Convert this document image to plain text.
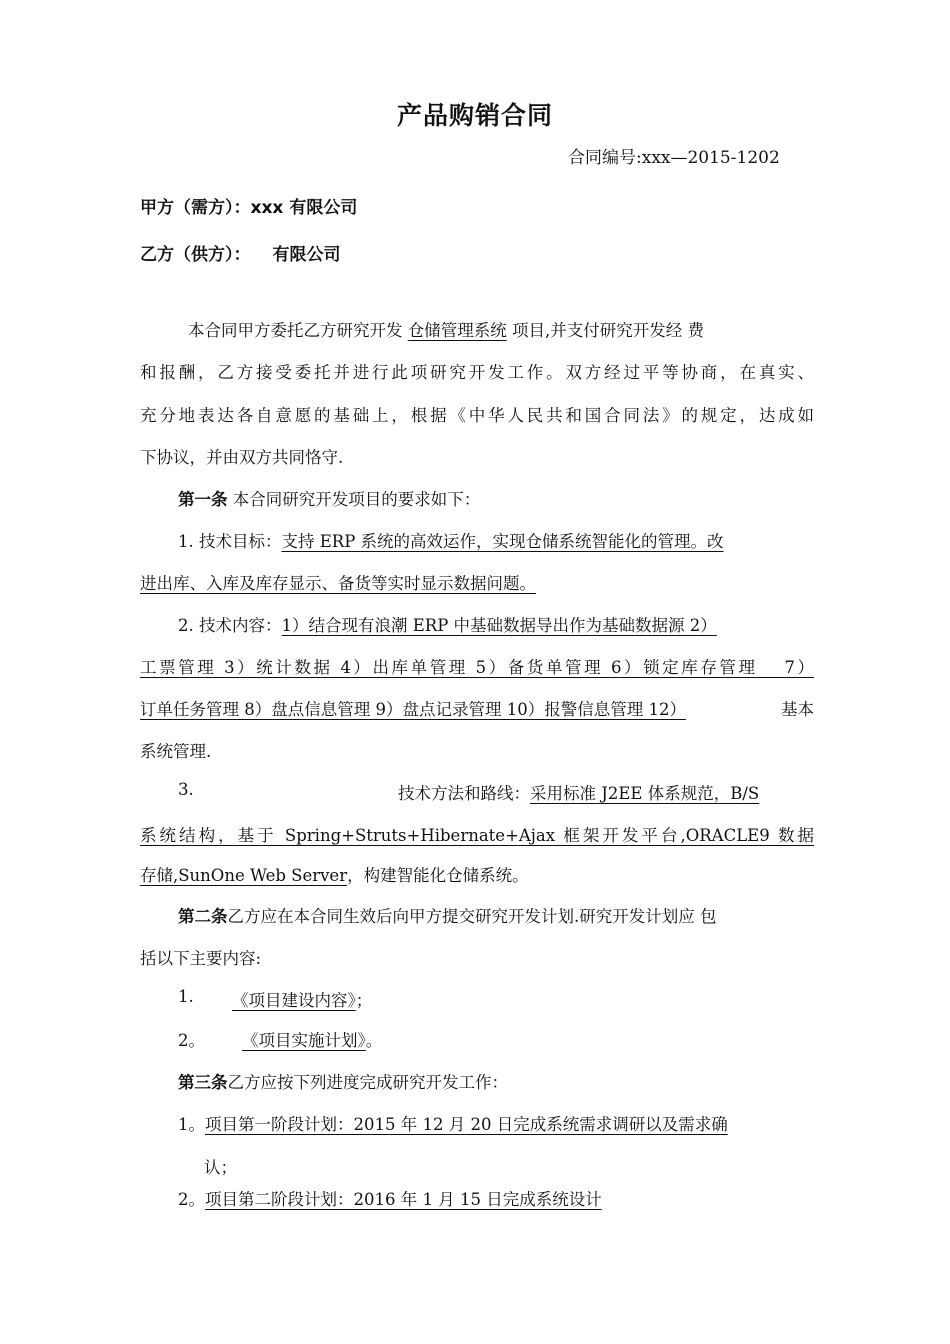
产品购销合同
合同编号:xxx—2015-1202
甲方（需方）：xxx 有限公司
乙方（供方）： 有限公司
本合同甲方委托乙方研究开发 仓储管理系统 项目,并支付研究开发经 费
和报酬，乙方接受委托并进行此项研究开发工作。双方经过平等协商，在真实、
充分地表达各自意愿的基础上，根据《中华人民共和国合同法》的规定，达成如
下协议，并由双方共同恪守.
第一条 本合同研究开发项目的要求如下：
1. 技术目标：支持 ERP 系统的高效运作，实现仓储系统智能化的管理。改
进出库、入库及库存显示、备货等实时显示数据问题。
2. 技术内容：1）结合现有浪潮 ERP 中基础数据导出作为基础数据源 2）
工票管理 3）统计数据 4）出库单管理 5）备货单管理 6）锁定库存管理　 7）
订单任务管理 8）盘点信息管理 9）盘点记录管理 10）报警信息管理 12）	基本
系统管理.
3.	技术方法和路线：采用标准 J2EE 体系规范，B/S
系统结构，基于 Spring+Struts+Hibernate+Ajax 框架开发平台,ORACLE9 数据
存储,SunOne Web Server，构建智能化仓储系统。
第二条乙方应在本合同生效后向甲方提交研究开发计划.研究开发计划应 包
括以下主要内容:
1. 《项目建设内容》；
2。 《项目实施计划》。
第三条乙方应按下列进度完成研究开发工作：
1。项目第一阶段计划：2015 年 12 月 20 日完成系统需求调研以及需求确
认；
2。项目第二阶段计划：2016 年 1 月 15 日完成系统设计
